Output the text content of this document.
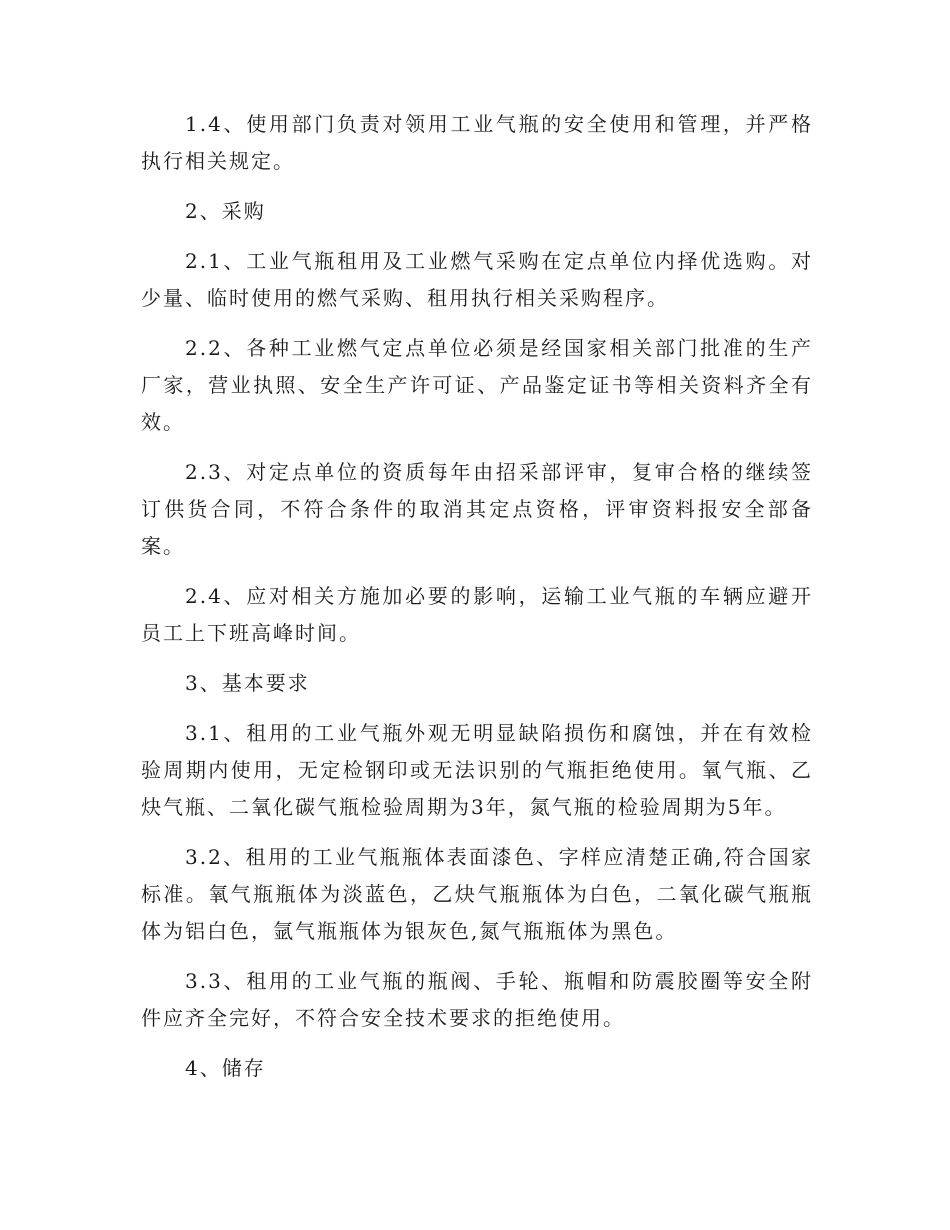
1.4、使用部门负责对领用工业气瓶的安全使用和管理，并严格执行相关规定。

2、采购

2.1、工业气瓶租用及工业燃气采购在定点单位内择优选购。对少量、临时使用的燃气采购、租用执行相关采购程序。

2.2、各种工业燃气定点单位必须是经国家相关部门批准的生产厂家，营业执照、安全生产许可证、产品鉴定证书等相关资料齐全有效。

2.3、对定点单位的资质每年由招采部评审，复审合格的继续签订供货合同，不符合条件的取消其定点资格，评审资料报安全部备案。

2.4、应对相关方施加必要的影响，运输工业气瓶的车辆应避开员工上下班高峰时间。

3、基本要求

3.1、租用的工业气瓶外观无明显缺陷损伤和腐蚀，并在有效检验周期内使用，无定检钢印或无法识别的气瓶拒绝使用。氧气瓶、乙炔气瓶、二氧化碳气瓶检验周期为3年，氮气瓶的检验周期为5年。

3.2、租用的工业气瓶瓶体表面漆色、字样应清楚正确,符合国家标准。氧气瓶瓶体为淡蓝色，乙炔气瓶瓶体为白色，二氧化碳气瓶瓶体为铝白色，氩气瓶瓶体为银灰色,氮气瓶瓶体为黑色。

3.3、租用的工业气瓶的瓶阀、手轮、瓶帽和防震胶圈等安全附件应齐全完好，不符合安全技术要求的拒绝使用。

4、储存
